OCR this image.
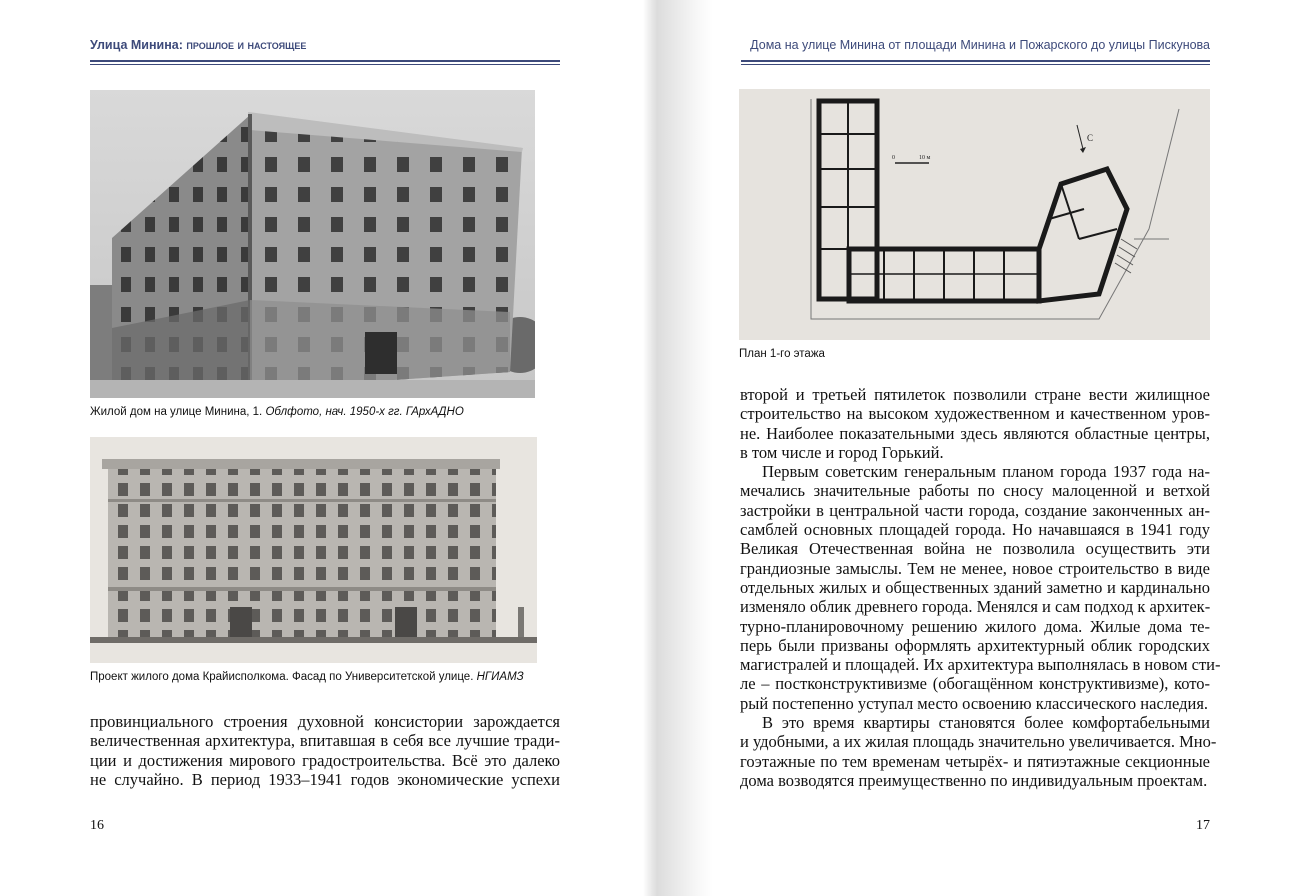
Улица Минина: прошлое и настоящее
Жилой дом на улице Минина, 1. Облфото, нач. 1950-х гг. ГАрхАДНО
Проект жилого дома Крайисполкома. Фасад по Университетской улице. НГИАМЗ
провинциального строения духовной консистории зарождается
величественная архитектура, впитавшая в себя все лучшие тради-
ции и достижения мирового градостроительства. Всё это далеко
не случайно. В период 1933–1941 годов экономические успехи
16
Дома на улице Минина от площади Минина и Пожарского до улицы Пискунова
0	10 м
С
План 1-го этажа
второй и третьей пятилеток позволили стране вести жилищное
строительство на высоком художественном и качественном уров-
не. Наиболее показательными здесь являются областные центры,
в том числе и город Горький.
Первым советским генеральным планом города 1937 года на-
мечались значительные работы по сносу малоценной и ветхой
застройки в центральной части города, создание законченных ан-
самблей основных площадей города. Но начавшаяся в 1941 году
Великая Отечественная война не позволила осуществить эти
грандиозные замыслы. Тем не менее, новое строительство в виде
отдельных жилых и общественных зданий заметно и кардинально
изменяло облик древнего города. Менялся и сам подход к архитек-
турно-планировочному решению жилого дома. Жилые дома те-
перь были призваны оформлять архитектурный облик городских
магистралей и площадей. Их архитектура выполнялась в новом сти-
ле – постконструктивизме (обогащённом конструктивизме), кото-
рый постепенно уступал место освоению классического наследия.
В это время квартиры становятся более комфортабельными
и удобными, а их жилая площадь значительно увеличивается. Мно-
гоэтажные по тем временам четырёх- и пятиэтажные секционные
дома возводятся преимущественно по индивидуальным проектам.
17
